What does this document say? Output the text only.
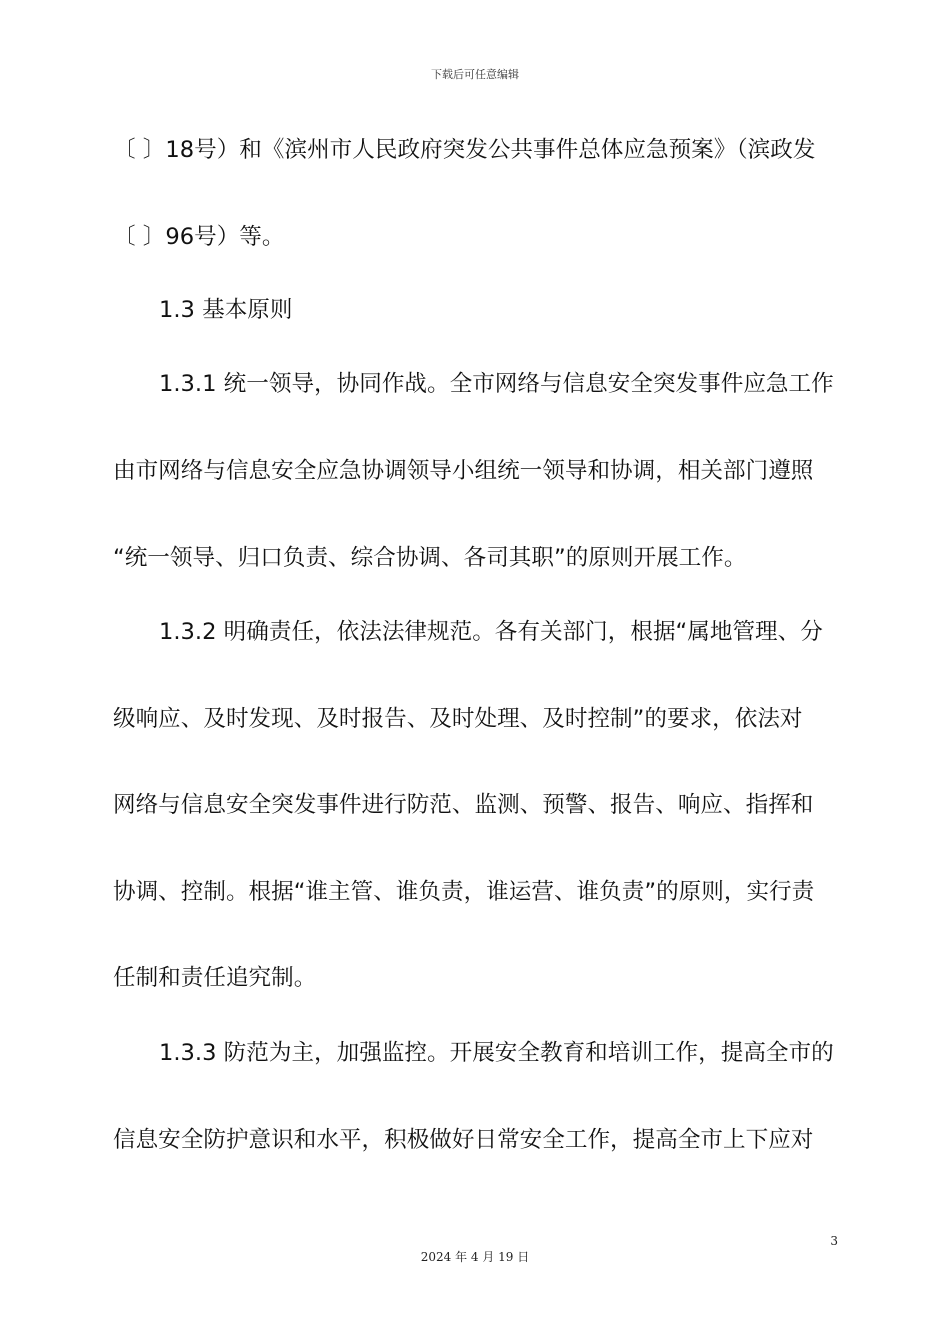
下载后可任意编辑
〔 〕18号）和《滨州市人民政府突发公共事件总体应急预案》（滨政发
〔 〕96号）等。
1.3 基本原则
1.3.1 统一领导，协同作战。全市网络与信息安全突发事件应急工作
由市网络与信息安全应急协调领导小组统一领导和协调，相关部门遵照
“统一领导、归口负责、综合协调、各司其职”的原则开展工作。
1.3.2 明确责任，依法法律规范。各有关部门，根据“属地管理、分
级响应、及时发现、及时报告、及时处理、及时控制”的要求，依法对
网络与信息安全突发事件进行防范、监测、预警、报告、响应、指挥和
协调、控制。根据“谁主管、谁负责，谁运营、谁负责”的原则，实行责
任制和责任追究制。
1.3.3 防范为主，加强监控。开展安全教育和培训工作，提高全市的
信息安全防护意识和水平，积极做好日常安全工作，提高全市上下应对
3
2024 年 4 月 19 日
